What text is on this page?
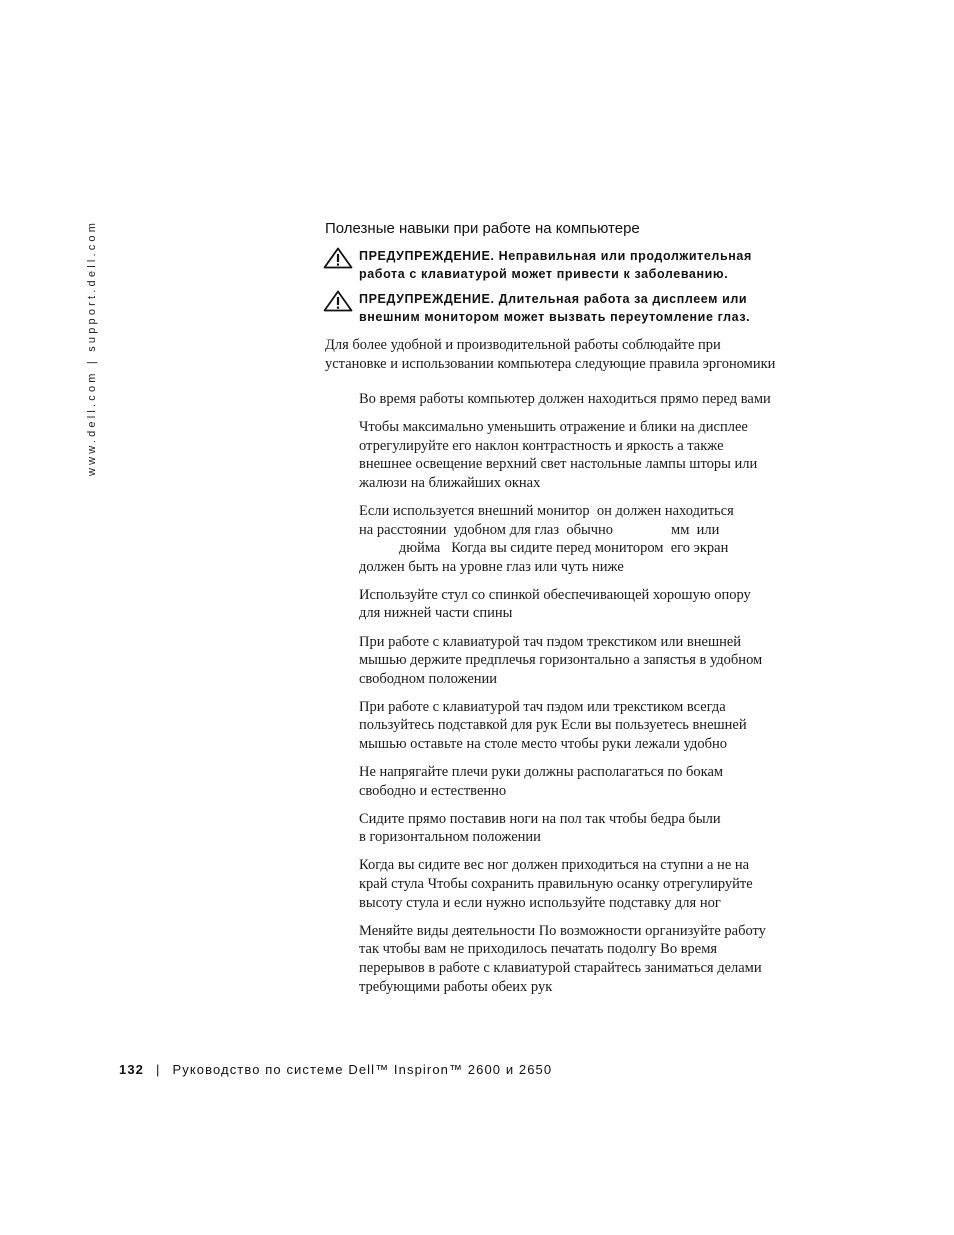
www.dell.com | support.dell.com	Полезные навыки при работе на компьютере
ПРЕДУПРЕЖДЕНИЕ. Неправильная или продолжительная
работа с клавиатурой может привести к заболеванию.
ПРЕДУПРЕЖДЕНИЕ. Длительная работа за дисплеем или
внешним монитором может вызвать переутомление глаз.
Для более удобной и производительной работы соблюдайте при
установке и использовании компьютера следующие правила эргономики
Во время работы компьютер должен находиться прямо перед вами
Чтобы максимально уменьшить отражение и блики на дисплее
отрегулируйте его наклон контрастность и яркость а также
внешнее освещение верхний свет настольные лампы шторы или
жалюзи на ближайших окнах
Если используется внешний монитор  он должен находиться
на расстоянии  удобном для глаз  обычно                мм  или
дюйма   Когда вы сидите перед монитором  его экран
должен быть на уровне глаз или чуть ниже
Используйте стул со спинкой обеспечивающей хорошую опору
для нижней части спины
При работе с клавиатурой тач пэдом трекстиком или внешней
мышью держите предплечья горизонтально а запястья в удобном
свободном положении
При работе с клавиатурой тач пэдом или трекстиком всегда
пользуйтесь подставкой для рук Если вы пользуетесь внешней
мышью оставьте на столе место чтобы руки лежали удобно
Не напрягайте плечи руки должны располагаться по бокам
свободно и естественно
Сидите прямо поставив ноги на пол так чтобы бедра были
в горизонтальном положении
Когда вы сидите вес ног должен приходиться на ступни а не на
край стула Чтобы сохранить правильную осанку отрегулируйте
высоту стула и если нужно используйте подставку для ног
Меняйте виды деятельности По возможности организуйте работу
так чтобы вам не приходилось печатать подолгу Во время
перерывов в работе с клавиатурой старайтесь заниматься делами
требующими работы обеих рук
132 | Руководство по системе Dell™ Inspiron™ 2600 и 2650
